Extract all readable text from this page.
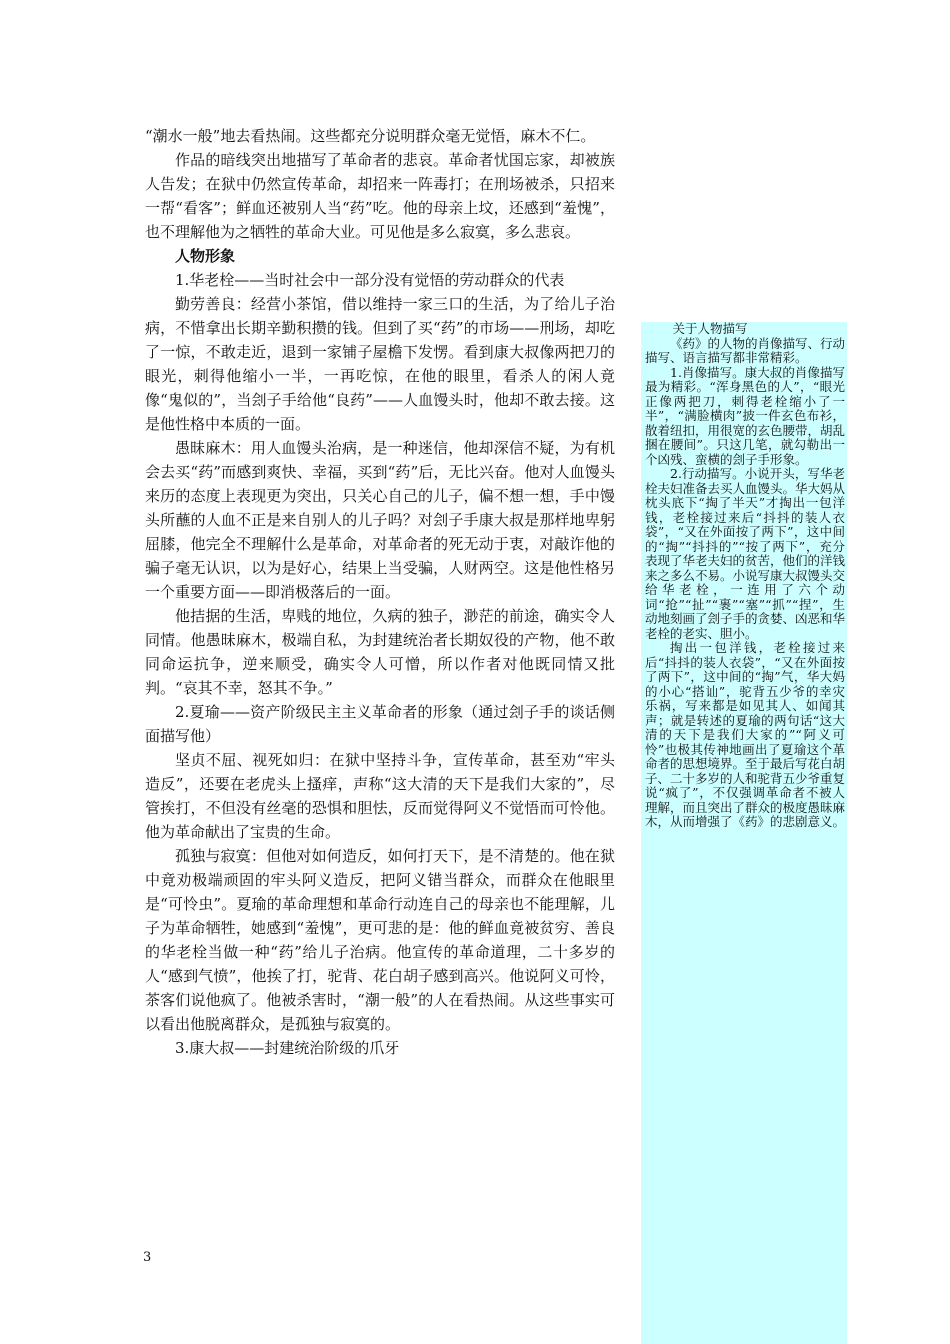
“潮水一般”地去看热闹。这些都充分说明群众毫无觉悟，麻木不仁。

作品的暗线突出地描写了革命者的悲哀。革命者忧国忘家，却被族人告发；在狱中仍然宣传革命，却招来一阵毒打；在刑场被杀，只招来一帮“看客”；鲜血还被别人当“药”吃。他的母亲上坟，还感到“羞愧”，也不理解他为之牺牲的革命大业。可见他是多么寂寞，多么悲哀。

人物形象

1.华老栓——当时社会中一部分没有觉悟的劳动群众的代表

勤劳善良：经营小茶馆，借以维持一家三口的生活，为了给儿子治病，不惜拿出长期辛勤积攒的钱。但到了买“药”的市场——刑场，却吃了一惊，不敢走近，退到一家铺子屋檐下发愣。看到康大叔像两把刀的眼光，刺得他缩小一半，一再吃惊，在他的眼里，看杀人的闲人竟像“鬼似的”，当刽子手给他“良药”——人血馒头时，他却不敢去接。这是他性格中本质的一面。

愚昧麻木：用人血馒头治病，是一种迷信，他却深信不疑，为有机会去买“药”而感到爽快、幸福，买到“药”后，无比兴奋。他对人血馒头来历的态度上表现更为突出，只关心自己的儿子，偏不想一想，手中馒头所蘸的人血不正是来自别人的儿子吗？对刽子手康大叔是那样地卑躬屈膝，他完全不理解什么是革命，对革命者的死无动于衷，对敲诈他的骗子毫无认识，以为是好心，结果上当受骗，人财两空。这是他性格另一个重要方面——即消极落后的一面。

他拮据的生活，卑贱的地位，久病的独子，渺茫的前途，确实令人同情。他愚昧麻木，极端自私，为封建统治者长期奴役的产物，他不敢同命运抗争，逆来顺受，确实令人可憎，所以作者对他既同情又批判。“哀其不幸，怒其不争。”

2.夏瑜——资产阶级民主主义革命者的形象（通过刽子手的谈话侧面描写他）

坚贞不屈、视死如归：在狱中坚持斗争，宣传革命，甚至劝“牢头造反”，还要在老虎头上搔痒，声称“这大清的天下是我们大家的”，尽管挨打，不但没有丝毫的恐惧和胆怯，反而觉得阿义不觉悟而可怜他。他为革命献出了宝贵的生命。

孤独与寂寞：但他对如何造反，如何打天下，是不清楚的。他在狱中竟劝极端顽固的牢头阿义造反，把阿义错当群众，而群众在他眼里是“可怜虫”。夏瑜的革命理想和革命行动连自己的母亲也不能理解，儿子为革命牺牲，她感到“羞愧”，更可悲的是：他的鲜血竟被贫穷、善良的华老栓当做一种“药”给儿子治病。他宣传的革命道理，二十多岁的人“感到气愤”，他挨了打，驼背、花白胡子感到高兴。他说阿义可怜，茶客们说他疯了。他被杀害时，“潮一般”的人在看热闹。从这些事实可以看出他脱离群众，是孤独与寂寞的。

3.康大叔——封建统治阶级的爪牙

关于人物描写

《药》的人物的肖像描写、行动描写、语言描写都非常精彩。

1.肖像描写。康大叔的肖像描写最为精彩。“浑身黑色的人”，“眼光正像两把刀，刺得老栓缩小了一半”，“满脸横肉”披一件玄色布衫，散着纽扣，用很宽的玄色腰带，胡乱捆在腰间”。只这几笔，就勾勒出一个凶残、蛮横的刽子手形象。

2.行动描写。小说开头，写华老栓夫妇准备去买人血馒头。华大妈从枕头底下“掏了半天”才掏出一包洋钱，老栓接过来后“抖抖的装人衣袋”，“又在外面按了两下”，这中间的“掏”“抖抖的”“按了两下”，充分表现了华老夫妇的贫苦，他们的洋钱来之多么不易。小说写康大叔馒头交给华老栓，一连用了六个动词“抢”“扯”“裹”“塞”“抓”“捏”，生动地刻画了刽子手的贪婪、凶恶和华老栓的老实、胆小。

掏出一包洋钱，老栓接过来后“抖抖的装人衣袋”，“又在外面按了两下”，这中间的“掏”气，华大妈的小心“搭讪”，驼背五少爷的幸灾乐祸，写来都是如见其人、如闻其声；就是转述的夏瑜的两句话“这大清的天下是我们大家的”“阿义可怜”也极其传神地画出了夏瑜这个革命者的思想境界。至于最后写花白胡子、二十多岁的人和驼背五少爷重复说“疯了”，不仅强调革命者不被人理解，而且突出了群众的极度愚昧麻木，从而增强了《药》的悲剧意义。

3
